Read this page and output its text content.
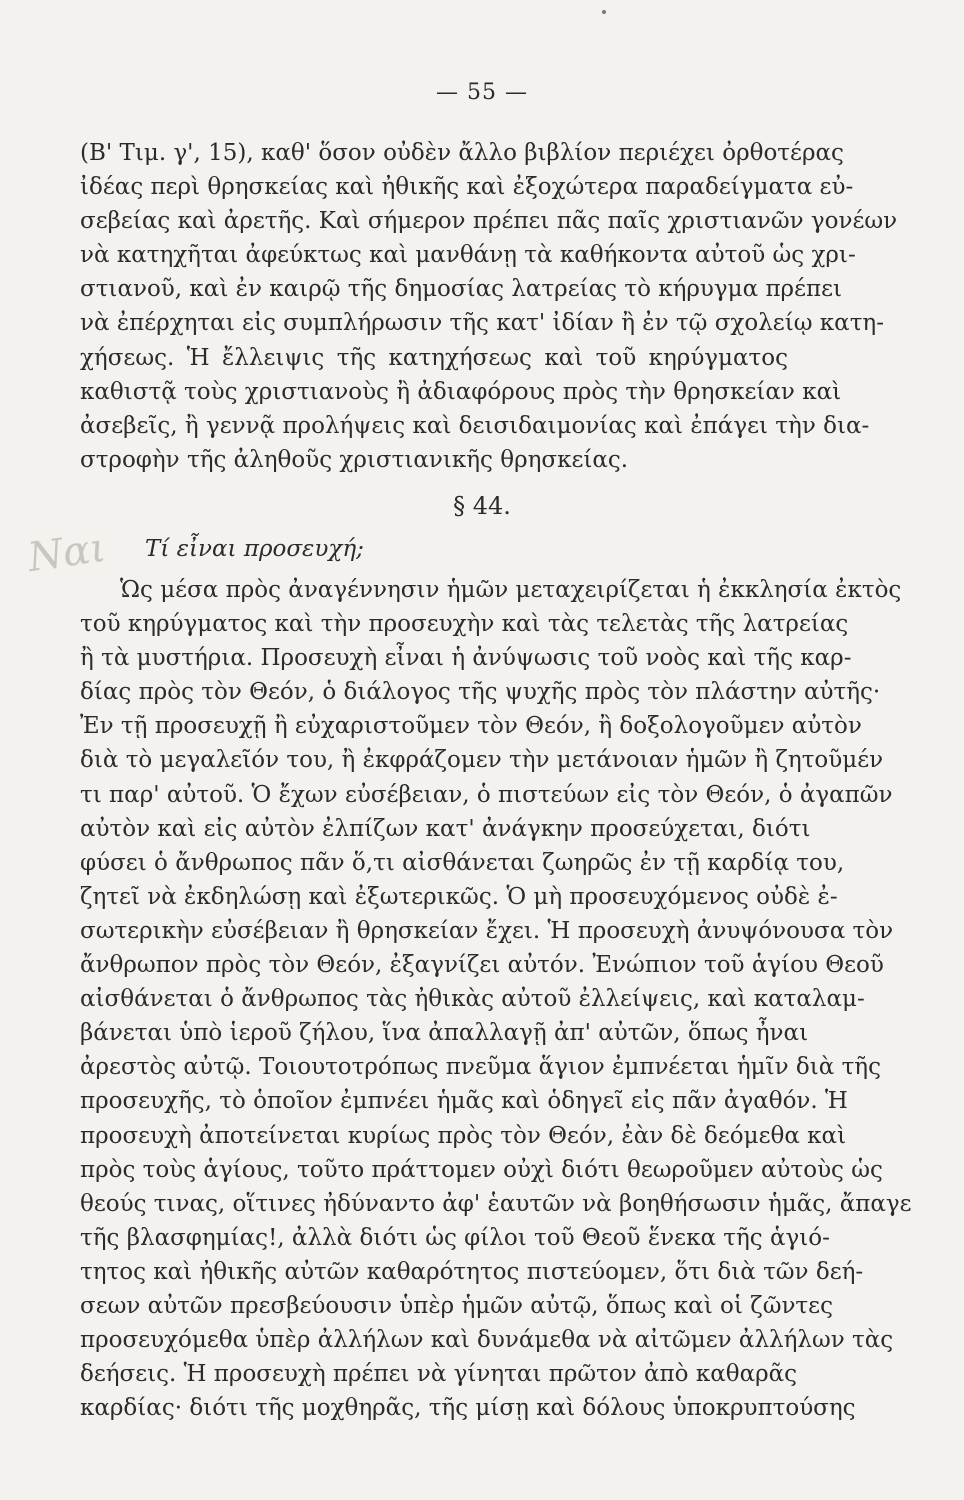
— 55 —
(Β' Τιμ. γ', 15), καθ' ὅσον οὐδὲν ἄλλο βιβλίον περιέχει ὀρθοτέρας
ἰδέας περὶ θρησκείας καὶ ἠθικῆς καὶ ἐξοχώτερα παραδείγματα εὐ-
σεβείας καὶ ἀρετῆς. Καὶ σήμερον πρέπει πᾶς παῖς χριστιανῶν γονέων
νὰ κατηχῆται ἀφεύκτως καὶ μανθάνῃ τὰ καθήκοντα αὐτοῦ ὡς χρι-
στιανοῦ, καὶ ἐν καιρῷ τῆς δημοσίας λατρείας τὸ κήρυγμα πρέπει
νὰ ἐπέρχηται εἰς συμπλήρωσιν τῆς κατ' ἰδίαν ἢ ἐν τῷ σχολείῳ κατη-
χήσεως. Ἡ ἔλλειψις τῆς κατηχήσεως καὶ τοῦ κηρύγματος
καθιστᾷ τοὺς χριστιανοὺς ἢ ἀδιαφόρους πρὸς τὴν θρησκείαν καὶ
ἀσεβεῖς, ἢ γεννᾷ προλήψεις καὶ δεισιδαιμονίας καὶ ἐπάγει τὴν δια-
στροφὴν τῆς ἀληθοῦς χριστιανικῆς θρησκείας.
§ 44.
Ναι Τί εἶναι προσευχή;
Ὡς μέσα πρὸς ἀναγέννησιν ἡμῶν μεταχειρίζεται ἡ ἐκκλησία ἐκτὸς
τοῦ κηρύγματος καὶ τὴν προσευχὴν καὶ τὰς τελετὰς τῆς λατρείας
ἢ τὰ μυστήρια. Προσευχὴ εἶναι ἡ ἀνύψωσις τοῦ νοὸς καὶ τῆς καρ-
δίας πρὸς τὸν Θεόν, ὁ διάλογος τῆς ψυχῆς πρὸς τὸν πλάστην αὐτῆς·
Ἐν τῇ προσευχῇ ἢ εὐχαριστοῦμεν τὸν Θεόν, ἢ δοξολογοῦμεν αὐτὸν
διὰ τὸ μεγαλεῖόν του, ἢ ἐκφράζομεν τὴν μετάνοιαν ἡμῶν ἢ ζητοῦμέν
τι παρ' αὐτοῦ. Ὁ ἔχων εὐσέβειαν, ὁ πιστεύων εἰς τὸν Θεόν, ὁ ἀγαπῶν
αὐτὸν καὶ εἰς αὐτὸν ἐλπίζων κατ' ἀνάγκην προσεύχεται, διότι
φύσει ὁ ἄνθρωπος πᾶν ὅ,τι αἰσθάνεται ζωηρῶς ἐν τῇ καρδίᾳ του,
ζητεῖ νὰ ἐκδηλώσῃ καὶ ἐξωτερικῶς. Ὁ μὴ προσευχόμενος οὐδὲ ἐ-
σωτερικὴν εὐσέβειαν ἢ θρησκείαν ἔχει. Ἡ προσευχὴ ἀνυψόνουσα τὸν
ἄνθρωπον πρὸς τὸν Θεόν, ἐξαγνίζει αὐτόν. Ἐνώπιον τοῦ ἁγίου Θεοῦ
αἰσθάνεται ὁ ἄνθρωπος τὰς ἠθικὰς αὐτοῦ ἐλλείψεις, καὶ καταλαμ-
βάνεται ὑπὸ ἱεροῦ ζήλου, ἵνα ἀπαλλαγῇ ἀπ' αὐτῶν, ὅπως ἦναι
ἀρεστὸς αὐτῷ. Τοιουτοτρόπως πνεῦμα ἅγιον ἐμπνέεται ἡμῖν διὰ τῆς
προσευχῆς, τὸ ὁποῖον ἐμπνέει ἡμᾶς καὶ ὁδηγεῖ εἰς πᾶν ἀγαθόν. Ἡ
προσευχὴ ἀποτείνεται κυρίως πρὸς τὸν Θεόν, ἐὰν δὲ δεόμεθα καὶ
πρὸς τοὺς ἁγίους, τοῦτο πράττομεν οὐχὶ διότι θεωροῦμεν αὐτοὺς ὡς
θεούς τινας, οἵτινες ἠδύναντο ἀφ' ἑαυτῶν νὰ βοηθήσωσιν ἡμᾶς, ἄπαγε
τῆς βλασφημίας!, ἀλλὰ διότι ὡς φίλοι τοῦ Θεοῦ ἕνεκα τῆς ἁγιό-
τητος καὶ ἠθικῆς αὐτῶν καθαρότητος πιστεύομεν, ὅτι διὰ τῶν δεή-
σεων αὐτῶν πρεσβεύουσιν ὑπὲρ ἡμῶν αὐτῷ, ὅπως καὶ οἱ ζῶντες
προσευχόμεθα ὑπὲρ ἀλλήλων καὶ δυνάμεθα νὰ αἰτῶμεν ἀλλήλων τὰς
δεήσεις. Ἡ προσευχὴ πρέπει νὰ γίνηται πρῶτον ἀπὸ καθαρᾶς
καρδίας· διότι τῆς μοχθηρᾶς, τῆς μίσῃ καὶ δόλους ὑποκρυπτούσης
